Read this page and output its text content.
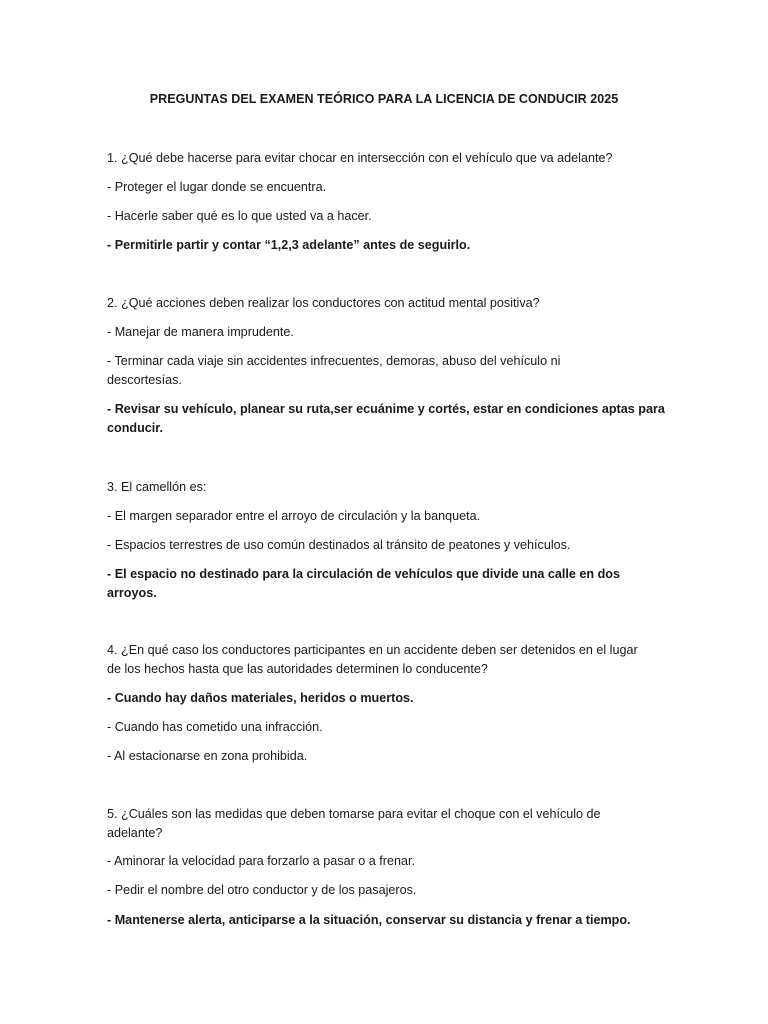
PREGUNTAS DEL EXAMEN TEÓRICO PARA LA LICENCIA DE CONDUCIR 2025
1. ¿Qué debe hacerse para evitar chocar en intersección con el vehículo que va adelante?
- Proteger el lugar donde se encuentra.
- Hacerle saber qué es lo que usted va a hacer.
- Permitirle partir y contar “1,2,3 adelante” antes de seguirlo.
2. ¿Qué acciones deben realizar los conductores con actitud mental positiva?
- Manejar de manera imprudente.
- Terminar cada viaje sin accidentes infrecuentes, demoras, abuso del vehículo ni descortesías.
- Revisar su vehículo, planear su ruta,ser ecuánime y cortés, estar en condiciones aptas para conducir.
3. El camellón es:
- El margen separador entre el arroyo de circulación y la banqueta.
- Espacios terrestres de uso común destinados al tránsito de peatones y vehículos.
- El espacio no destinado para la circulación de vehículos que divide una calle en dos arroyos.
4. ¿En qué caso los conductores participantes en un accidente deben ser detenidos en el lugar de los hechos hasta que las autoridades determinen lo conducente?
- Cuando hay daños materiales, heridos o muertos.
- Cuando has cometido una infracción.
- Al estacionarse en zona prohibida.
5. ¿Cuáles son las medidas que deben tomarse para evitar el choque con el vehículo de adelante?
- Aminorar la velocidad para forzarlo a pasar o a frenar.
- Pedir el nombre del otro conductor y de los pasajeros.
- Mantenerse alerta, anticiparse a la situación, conservar su distancia y frenar a tiempo.
